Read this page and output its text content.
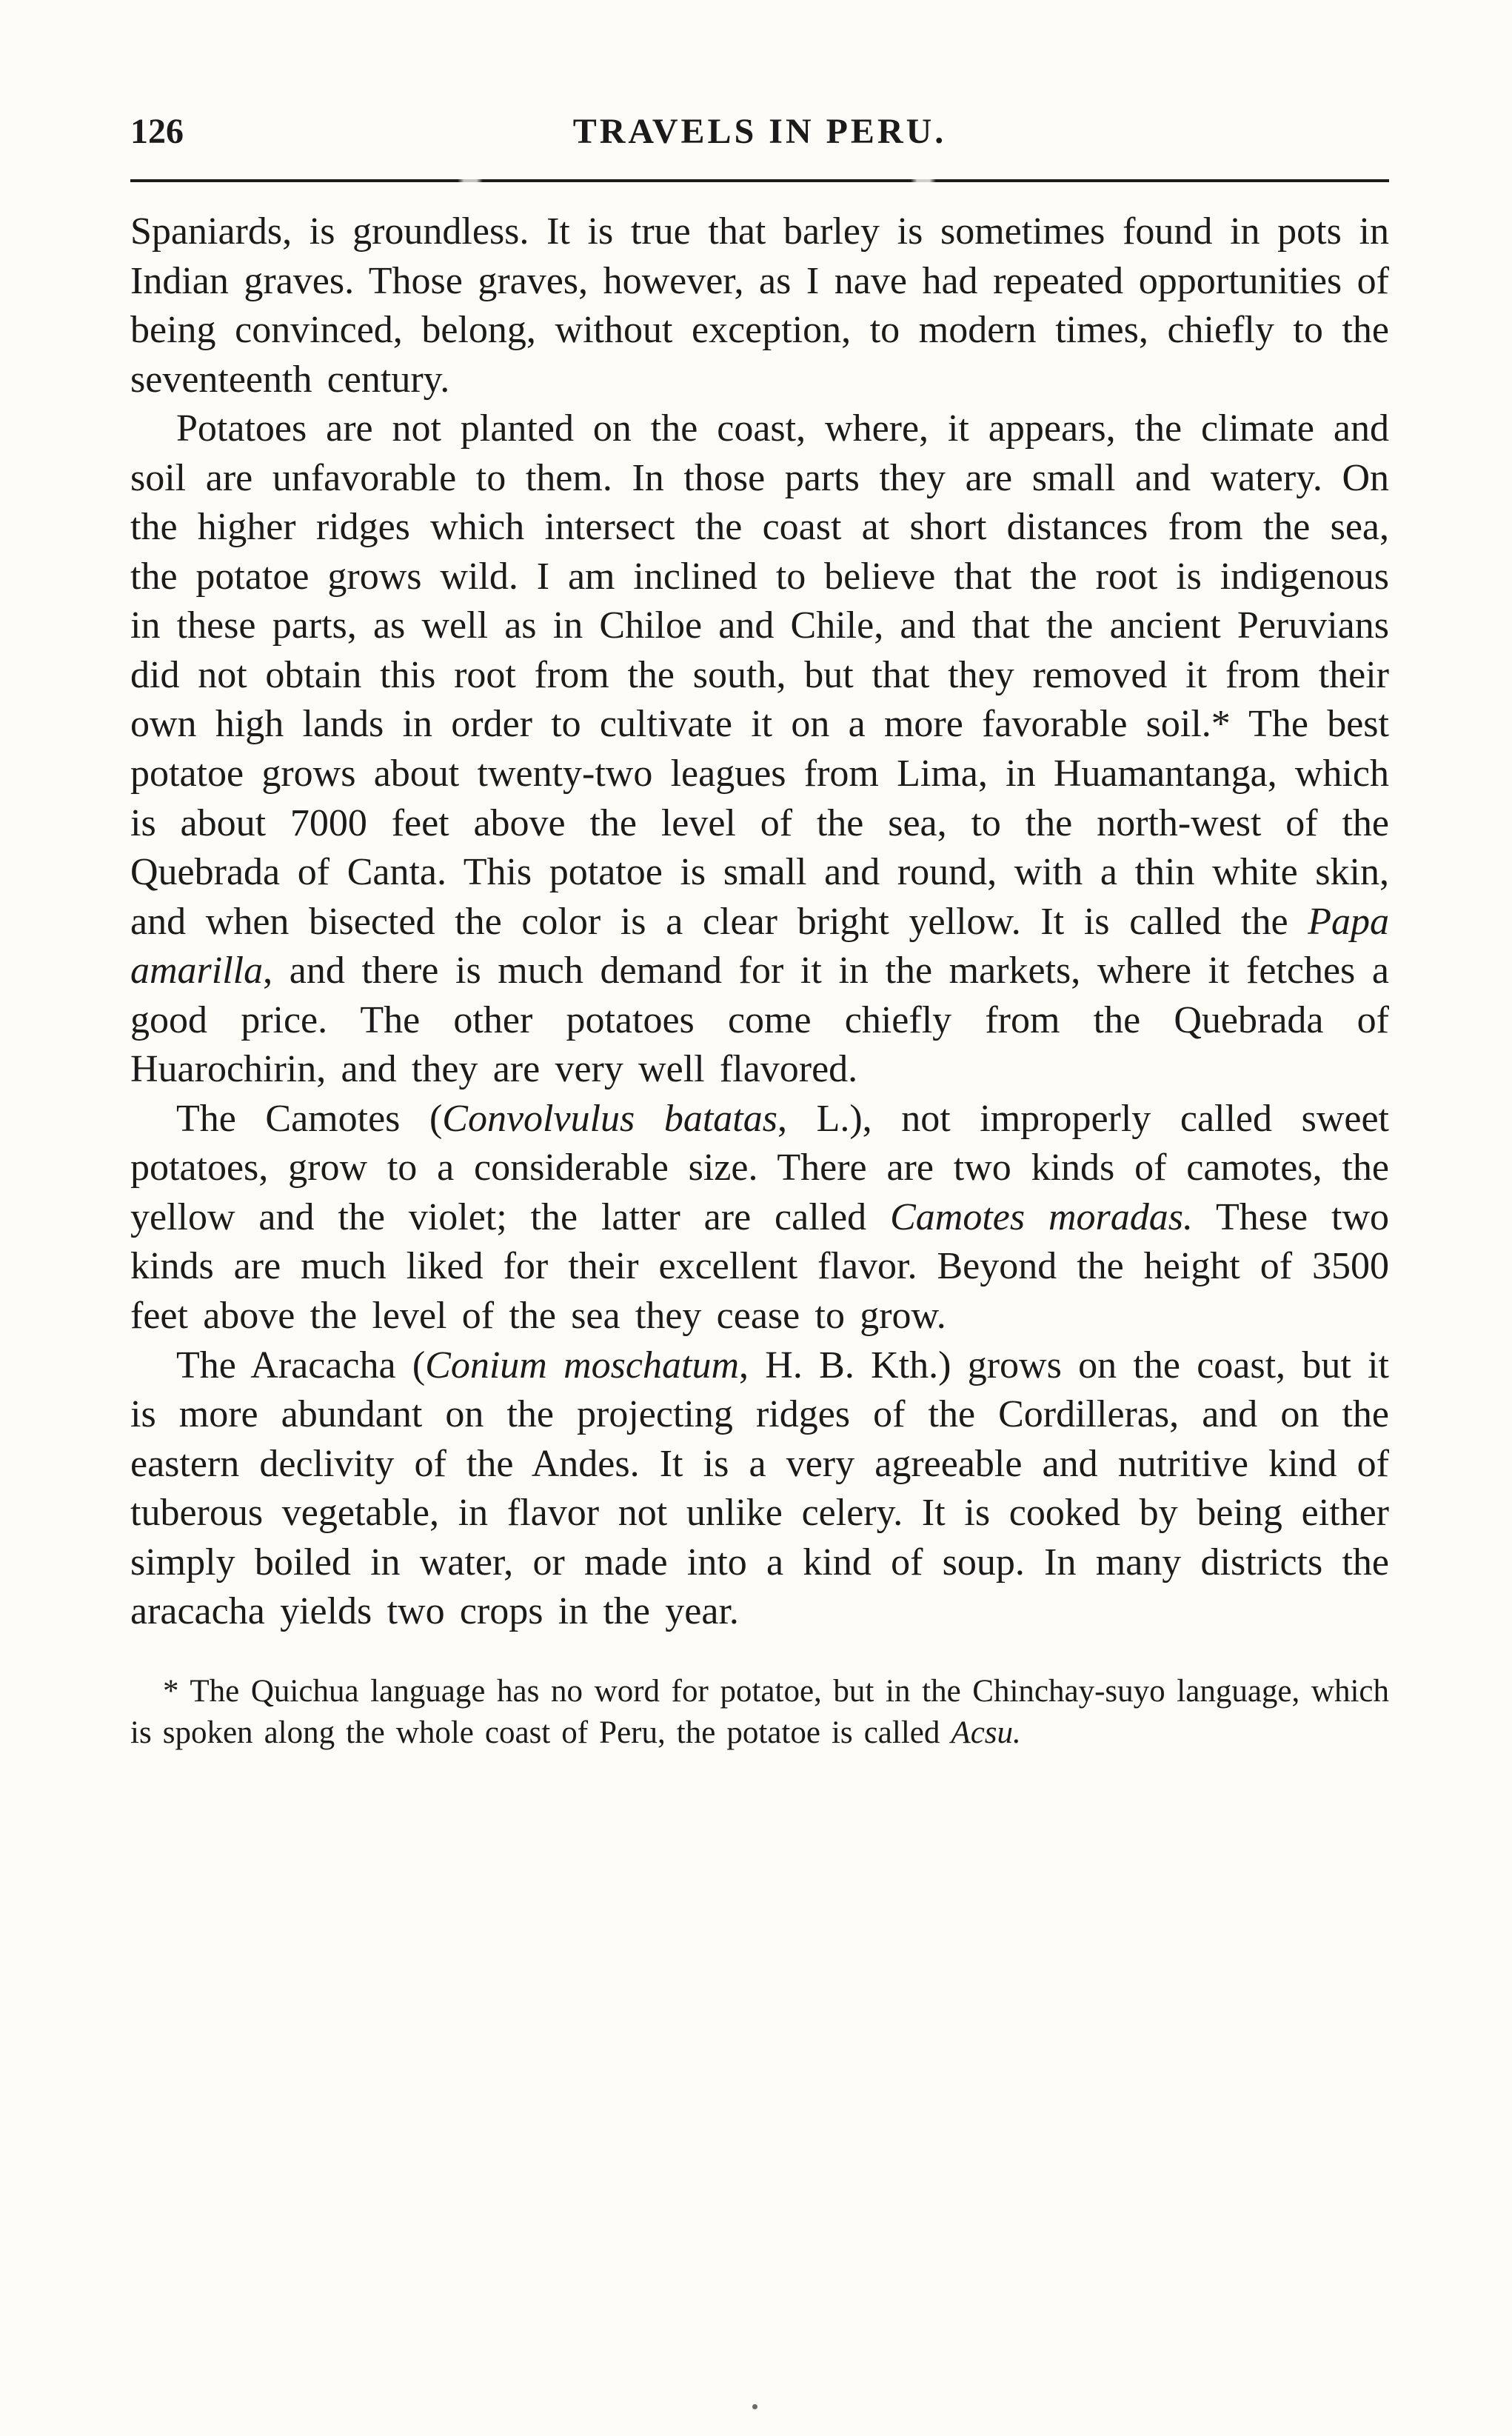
TRAVELS IN PERU.
126

Spaniards, is groundless. It is true that barley is sometimes found in pots in Indian graves. Those graves, however, as I nave had repeated opportunities of being convinced, belong, without exception, to modern times, chiefly to the seventeenth century.

Potatoes are not planted on the coast, where, it appears, the climate and soil are unfavorable to them. In those parts they are small and watery. On the higher ridges which intersect the coast at short distances from the sea, the potatoe grows wild. I am inclined to believe that the root is indigenous in these parts, as well as in Chiloe and Chile, and that the ancient Peruvians did not obtain this root from the south, but that they removed it from their own high lands in order to cultivate it on a more favorable soil.* The best potatoe grows about twenty-two leagues from Lima, in Huamantanga, which is about 7000 feet above the level of the sea, to the north-west of the Quebrada of Canta. This potatoe is small and round, with a thin white skin, and when bisected the color is a clear bright yellow. It is called the Papa amarilla, and there is much demand for it in the markets, where it fetches a good price. The other potatoes come chiefly from the Quebrada of Huarochirin, and they are very well flavored.

The Camotes (Convolvulus batatas, L.), not improperly called sweet potatoes, grow to a considerable size. There are two kinds of camotes, the yellow and the violet; the latter are called Camotes moradas. These two kinds are much liked for their excellent flavor. Beyond the height of 3500 feet above the level of the sea they cease to grow.

The Aracacha (Conium moschatum, H. B. Kth.) grows on the coast, but it is more abundant on the projecting ridges of the Cordilleras, and on the eastern declivity of the Andes. It is a very agreeable and nutritive kind of tuberous vegetable, in flavor not unlike celery. It is cooked by being either simply boiled in water, or made into a kind of soup. In many districts the aracacha yields two crops in the year.

* The Quichua language has no word for potatoe, but in the Chinchay-suyo language, which is spoken along the whole coast of Peru, the potatoe is called Acsu.
